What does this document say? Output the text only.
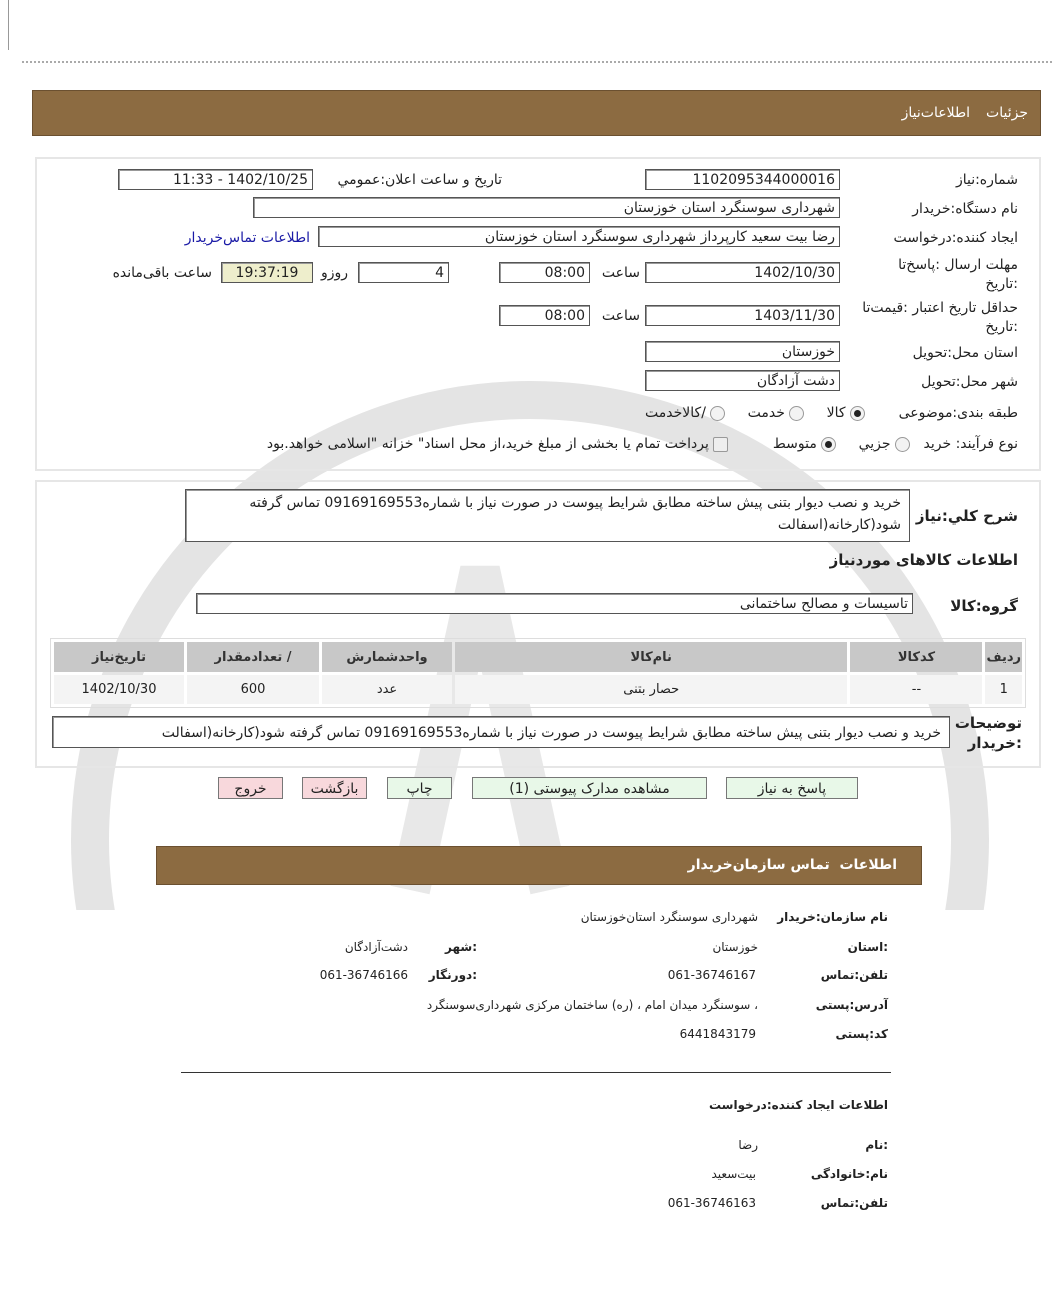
جزئیات
اطلاعات‌نیاز
شماره:نیاز
1102095344000016
تاريخ و ساعت اعلان:عمومي
1402/10/25 - 11:33
نام دستگاه:خریدار
شهرداری سوسنگرد استان خوزستان
ایجاد کننده:درخواست
رضا بیت سعید کارپرداز شهرداری سوسنگرد استان خوزستان
اطلاعات تماس‌خریدار
مهلت ارسال :پاسخ‌تا
:تاریخ
1402/10/30
ساعت
08:00
4
روزو
19:37:19
ساعت باقی‌مانده
حداقل تاریخ اعتبار :قیمت‌تا
:تاریخ
1403/11/30
ساعت
08:00
استان محل:تحویل
خوزستان
شهر محل:تحویل
دشت آزادگان
طبقه بندی:موضوعی
کالا      خدمت      /کالاخدمت
نوع فرآیند: خرید
جزيي      متوسط           پرداخت تمام یا بخشی از مبلغ خرید،از محل اسناد" خزانه "اسلامی خواهد.بود
شرح کلي:نیاز
خرید و نصب دیوار بتنی پیش ساخته مطابق شرایط پیوست در صورت نیاز با شماره09169169553 تماس گرفته شود(کارخانه(اسفالت
اطلاعات کالاهای موردنیاز
گروه:کالا
تاسیسات و مصالح ساختمانی
ردیف	کدکالا	نام‌کالا	واحدشمارش	/ تعدادمقدار	تاریخ‌نیاز
1	--	حصار بتنی	عدد	600	1402/10/30
توضیحات
:خریدار
خرید و نصب دیوار بتنی پیش ساخته مطابق شرایط پیوست در صورت نیاز با شماره09169169553 تماس گرفته شود(کارخانه(اسفالت
پاسخ به نیاز
مشاهده مدارک پیوستی (1)
چاپ
بازگشت
خروج
اطلاعات  تماس سازمان‌خریدار
نام سازمان:خریدار
شهرداری سوسنگرد استان‌خوزستان
:استان
خوزستان
:شهر
دشت‌آزادگان
تلفن:تماس
061-36746167
:دورنگار
061-36746166
آدرس:پستی
، سوسنگرد میدان امام ، (ره) ساختمان مرکزی شهرداری‌سوسنگرد
کد:پستی
6441843179
اطلاعات ایجاد کننده:درخواست
:نام
رضا
نام:خانوادگی
بیت‌سعید
تلفن:تماس
061-36746163
